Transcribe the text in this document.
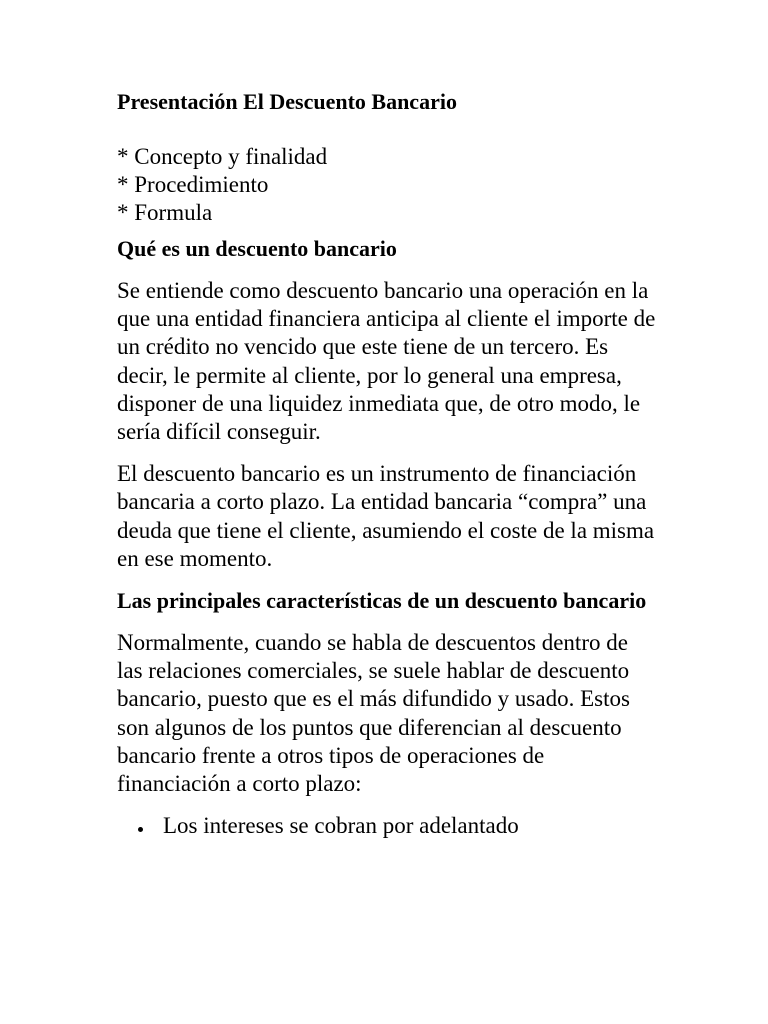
Presentación El Descuento Bancario
* Concepto y finalidad
* Procedimiento
* Formula
Qué es un descuento bancario

Se entiende como descuento bancario una operación en la que una entidad financiera anticipa al cliente el importe de un crédito no vencido que este tiene de un tercero. Es decir, le permite al cliente, por lo general una empresa, disponer de una liquidez inmediata que, de otro modo, le sería difícil conseguir.

El descuento bancario es un instrumento de financiación bancaria a corto plazo. La entidad bancaria “compra” una deuda que tiene el cliente, asumiendo el coste de la misma en ese momento.

Las principales características de un descuento bancario

Normalmente, cuando se habla de descuentos dentro de las relaciones comerciales, se suele hablar de descuento bancario, puesto que es el más difundido y usado. Estos son algunos de los puntos que diferencian al descuento bancario frente a otros tipos de operaciones de financiación a corto plazo:

Los intereses se cobran por adelantado
